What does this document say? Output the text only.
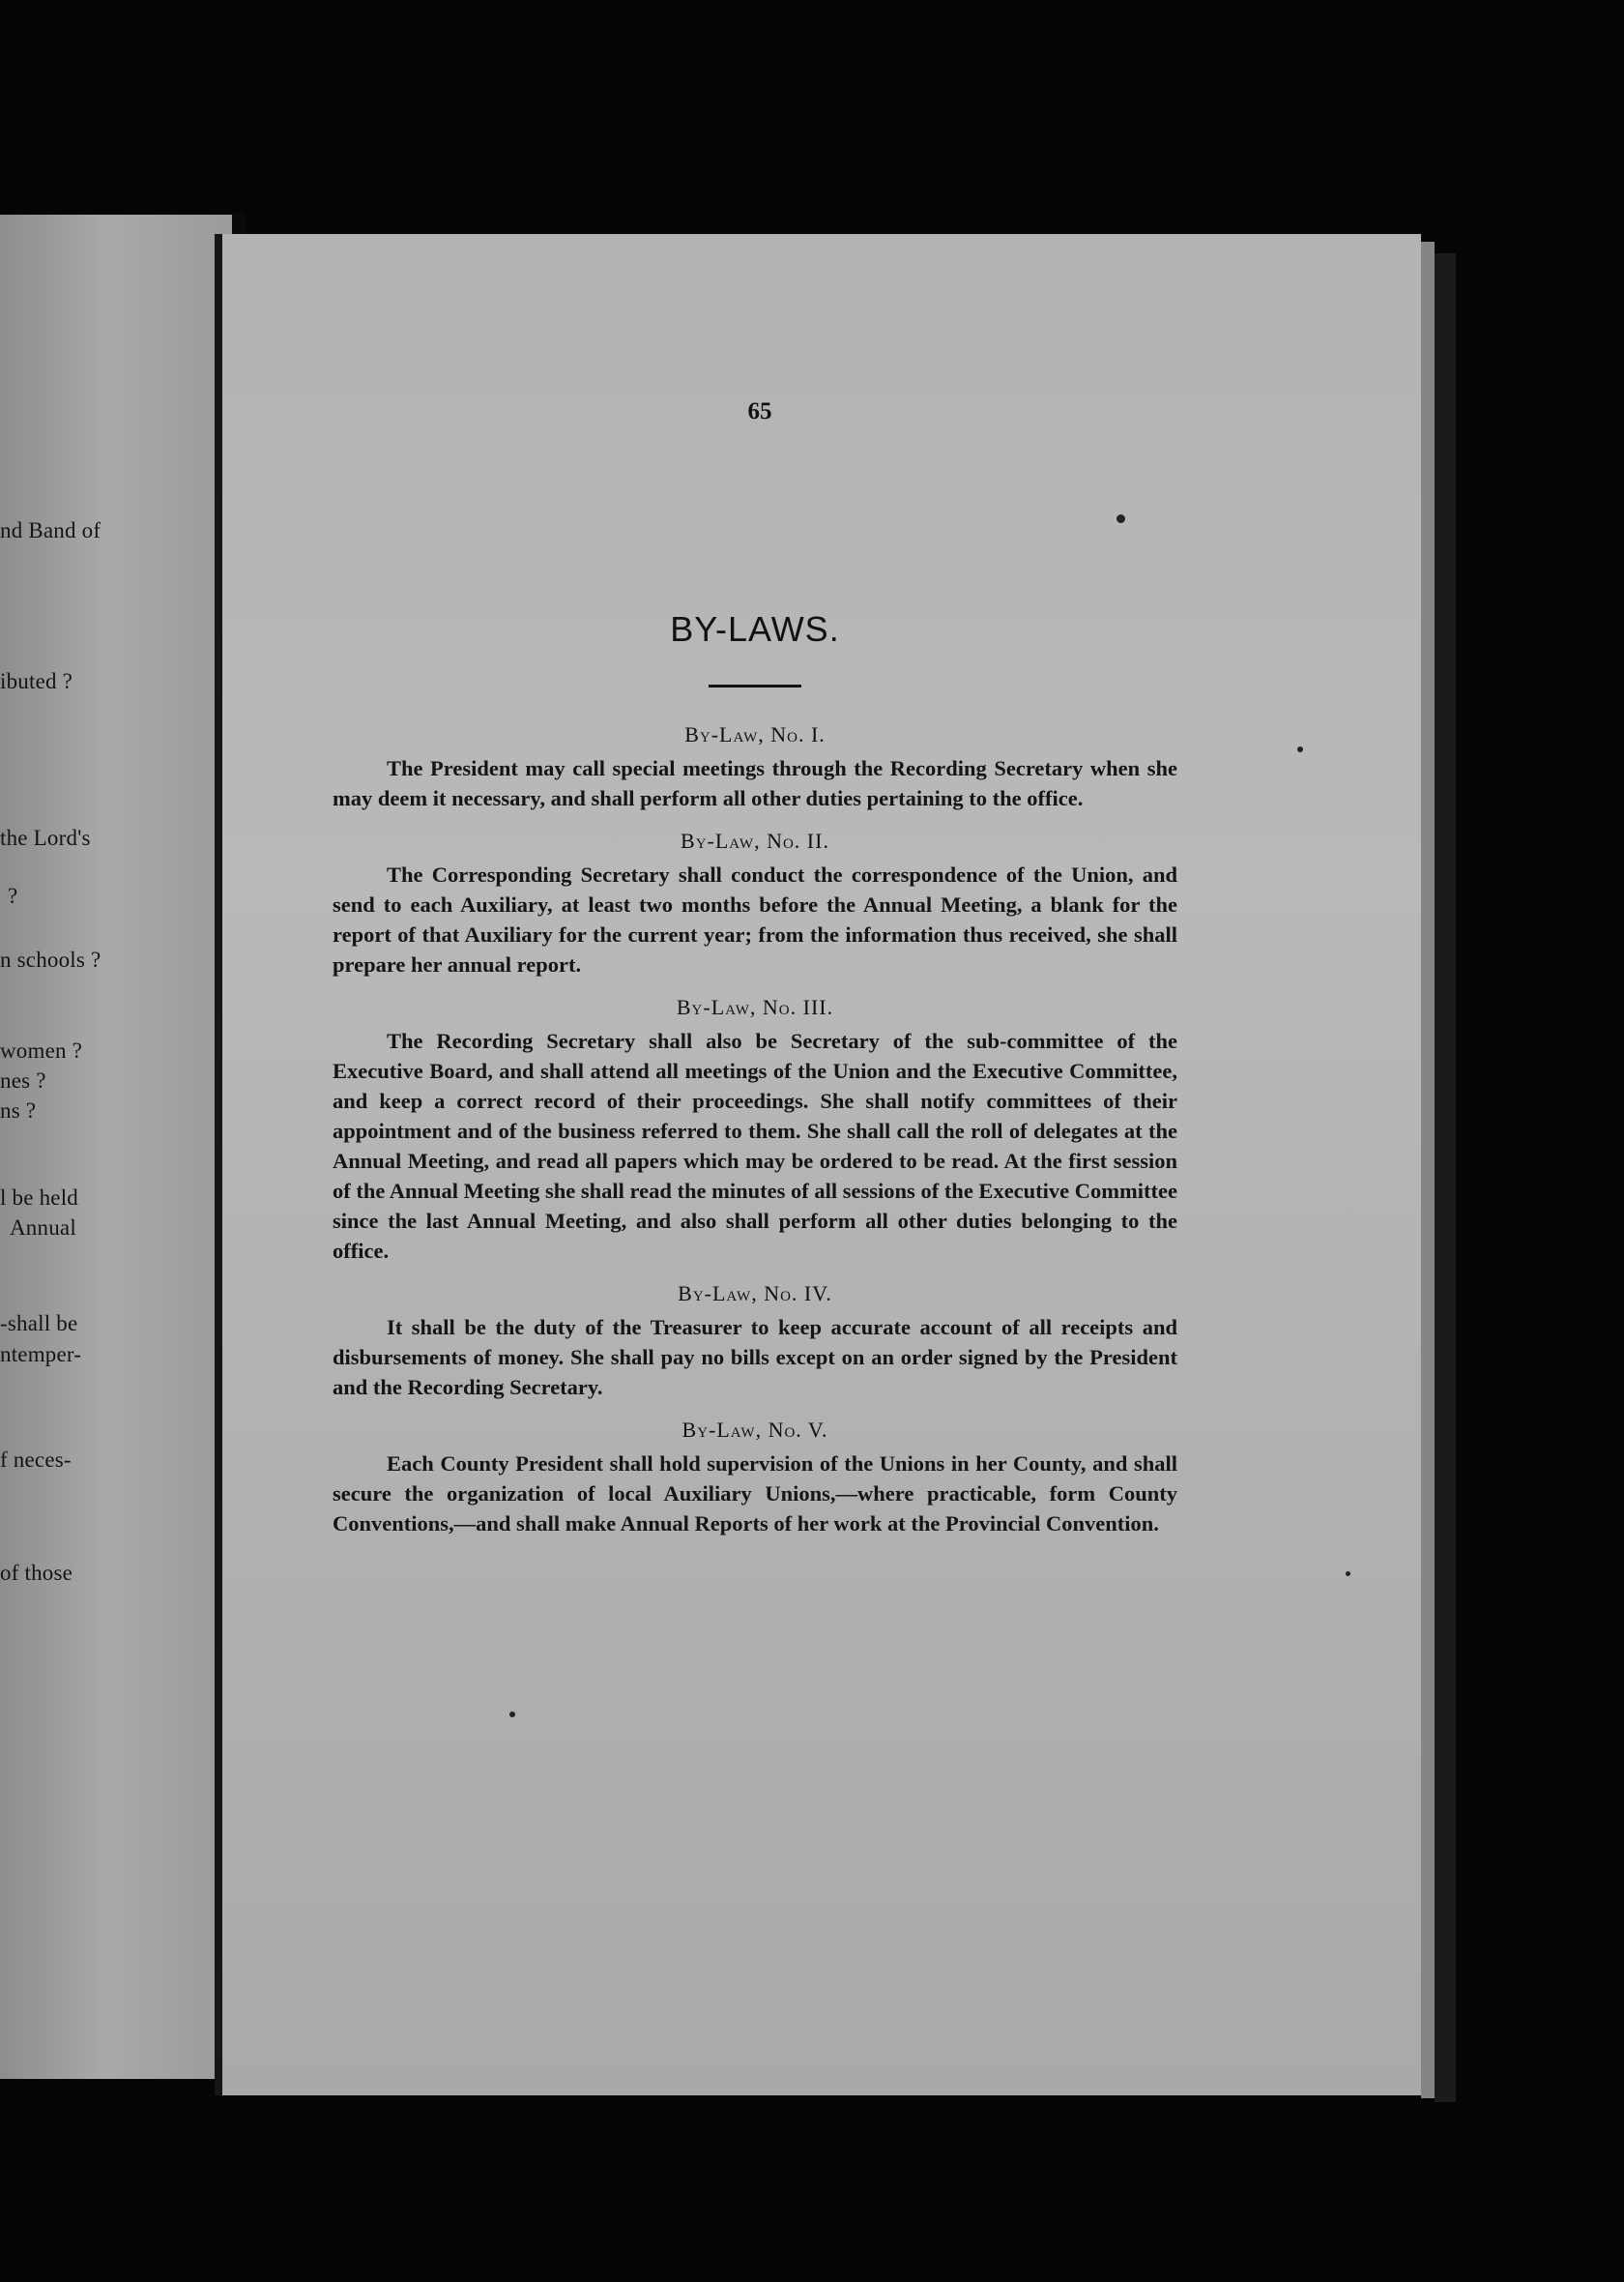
nd Band of

ibuted ?

the Lord's

?

n schools ?

women ?

nes ?

ns ?

l be held

Annual

-shall be

ntemper-

f neces-

of those

65

BY-LAWS.
By-Law, No. I.

The President may call special meetings through the Recording Secretary when she may deem it necessary, and shall perform all other duties pertaining to the office.

By-Law, No. II.

The Corresponding Secretary shall conduct the correspondence of the Union, and send to each Auxiliary, at least two months before the Annual Meeting, a blank for the report of that Auxiliary for the current year; from the information thus received, she shall prepare her annual report.

By-Law, No. III.

The Recording Secretary shall also be Secretary of the sub-committee of the Executive Board, and shall attend all meetings of the Union and the Executive Committee, and keep a correct record of their proceedings. She shall notify committees of their appointment and of the business referred to them. She shall call the roll of delegates at the Annual Meeting, and read all papers which may be ordered to be read. At the first session of the Annual Meeting she shall read the minutes of all sessions of the Executive Committee since the last Annual Meeting, and also shall perform all other duties belonging to the office.

By-Law, No. IV.

It shall be the duty of the Treasurer to keep accurate account of all receipts and disbursements of money. She shall pay no bills except on an order signed by the President and the Recording Secretary.

By-Law, No. V.

Each County President shall hold supervision of the Unions in her County, and shall secure the organization of local Auxiliary Unions,—where practicable, form County Conventions,—and shall make Annual Reports of her work at the Provincial Convention.
